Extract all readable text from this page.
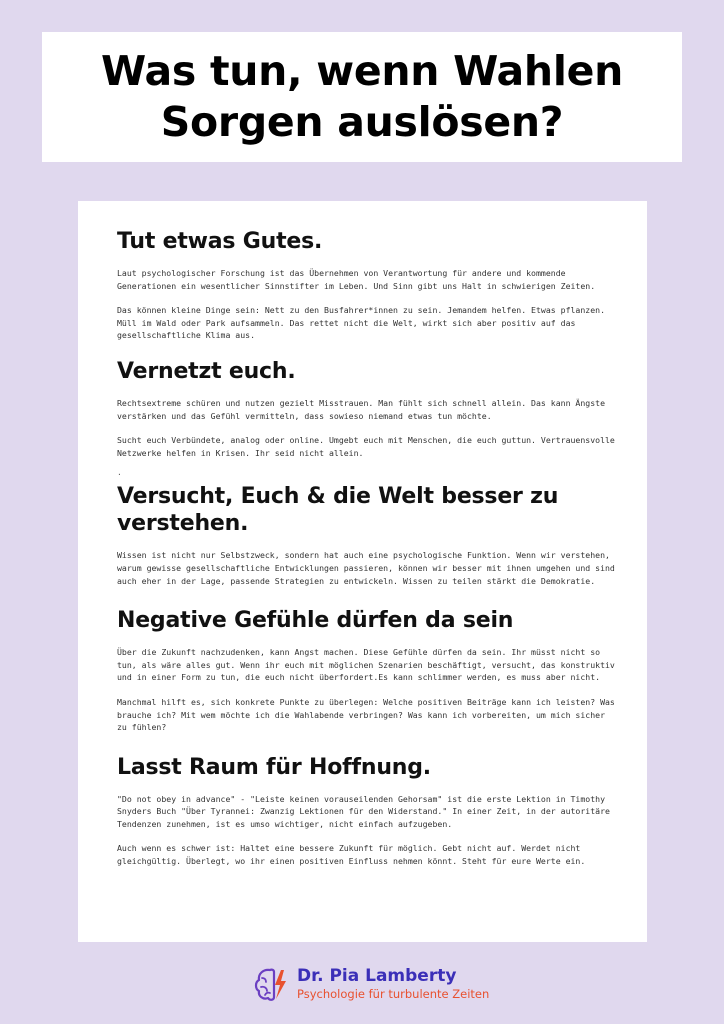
Was tun, wenn Wahlen
Sorgen auslösen?
Tut etwas Gutes.

Laut psychologischer Forschung ist das Übernehmen von Verantwortung für andere und kommende Generationen ein wesentlicher Sinnstifter im Leben. Und Sinn gibt uns Halt in schwierigen Zeiten.

Das können kleine Dinge sein: Nett zu den Busfahrer*innen zu sein. Jemandem helfen. Etwas pflanzen. Müll im Wald oder Park aufsammeln. Das rettet nicht die Welt, wirkt sich aber positiv auf das gesellschaftliche Klima aus.

Vernetzt euch.

Rechtsextreme schüren und nutzen gezielt Misstrauen. Man fühlt sich schnell allein. Das kann Ängste verstärken und das Gefühl vermitteln, dass sowieso niemand etwas tun möchte.

Sucht euch Verbündete, analog oder online. Umgebt euch mit Menschen, die euch guttun. Vertrauensvolle Netzwerke helfen in Krisen. Ihr seid nicht allein.

.

Versucht, Euch & die Welt besser zu verstehen.

Wissen ist nicht nur Selbstzweck, sondern hat auch eine psychologische Funktion. Wenn wir verstehen, warum gewisse gesellschaftliche Entwicklungen passieren, können wir besser mit ihnen umgehen und sind auch eher in der Lage, passende Strategien zu entwickeln. Wissen zu teilen stärkt die Demokratie.

Negative Gefühle dürfen da sein

Über die Zukunft nachzudenken, kann Angst machen. Diese Gefühle dürfen da sein. Ihr müsst nicht so tun, als wäre alles gut. Wenn ihr euch mit möglichen Szenarien beschäftigt, versucht, das konstruktiv und in einer Form zu tun, die euch nicht überfordert.Es kann schlimmer werden, es muss aber nicht.

Manchmal hilft es, sich konkrete Punkte zu überlegen: Welche positiven Beiträge kann ich leisten? Was brauche ich? Mit wem möchte ich die Wahlabende verbringen? Was kann ich vorbereiten, um mich sicher zu fühlen?

Lasst Raum für Hoffnung.

"Do not obey in advance" - "Leiste keinen vorauseilenden Gehorsam" ist die erste Lektion in Timothy Snyders Buch "Über Tyrannei: Zwanzig Lektionen für den Widerstand." In einer Zeit, in der autoritäre Tendenzen zunehmen, ist es umso wichtiger, nicht einfach aufzugeben.

Auch wenn es schwer ist: Haltet eine bessere Zukunft für möglich. Gebt nicht auf. Werdet nicht gleichgültig. Überlegt, wo ihr einen positiven Einfluss nehmen könnt. Steht für eure Werte ein.

Dr. Pia Lamberty
Psychologie für turbulente Zeiten
